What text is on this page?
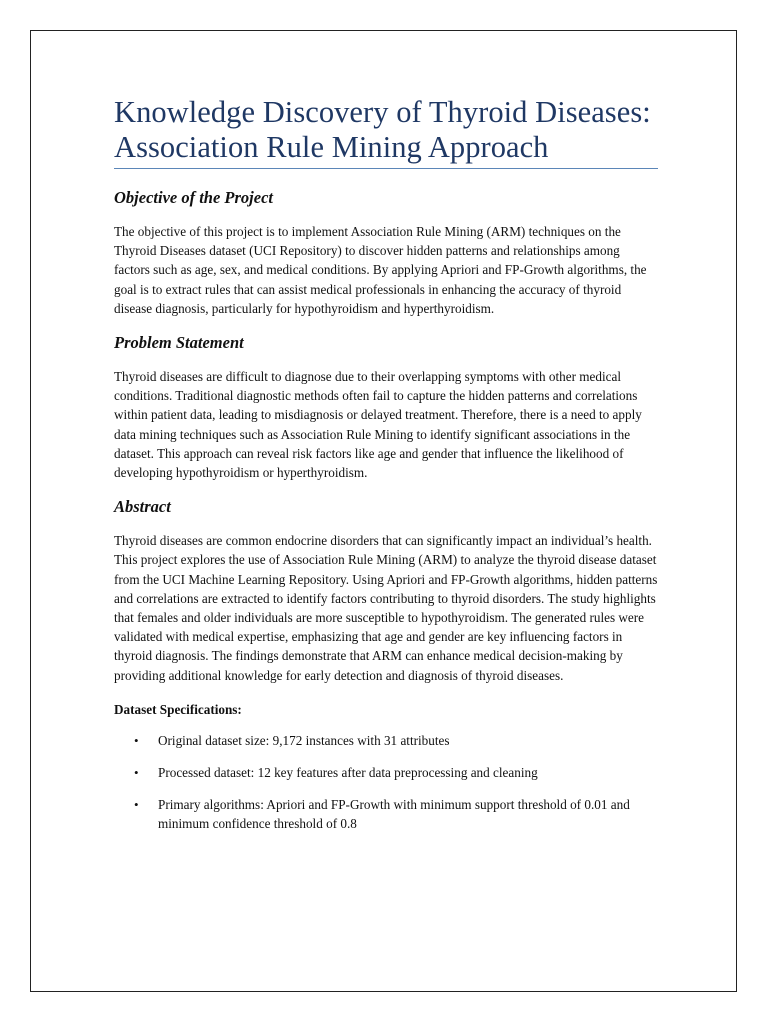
Knowledge Discovery of Thyroid Diseases:
Association Rule Mining Approach
Objective of the Project

The objective of this project is to implement Association Rule Mining (ARM) techniques on the Thyroid Diseases dataset (UCI Repository) to discover hidden patterns and relationships among factors such as age, sex, and medical conditions. By applying Apriori and FP-Growth algorithms, the goal is to extract rules that can assist medical professionals in enhancing the accuracy of thyroid disease diagnosis, particularly for hypothyroidism and hyperthyroidism.

Problem Statement

Thyroid diseases are difficult to diagnose due to their overlapping symptoms with other medical conditions. Traditional diagnostic methods often fail to capture the hidden patterns and correlations within patient data, leading to misdiagnosis or delayed treatment. Therefore, there is a need to apply data mining techniques such as Association Rule Mining to identify significant associations in the dataset. This approach can reveal risk factors like age and gender that influence the likelihood of developing hypothyroidism or hyperthyroidism.

Abstract

Thyroid diseases are common endocrine disorders that can significantly impact an individual’s health. This project explores the use of Association Rule Mining (ARM) to analyze the thyroid disease dataset from the UCI Machine Learning Repository. Using Apriori and FP-Growth algorithms, hidden patterns and correlations are extracted to identify factors contributing to thyroid disorders. The study highlights that females and older individuals are more susceptible to hypothyroidism. The generated rules were validated with medical expertise, emphasizing that age and gender are key influencing factors in thyroid diagnosis. The findings demonstrate that ARM can enhance medical decision-making by providing additional knowledge for early detection and diagnosis of thyroid diseases.

Dataset Specifications:

• Original dataset size: 9,172 instances with 31 attributes
• Processed dataset: 12 key features after data preprocessing and cleaning
• Primary algorithms: Apriori and FP-Growth with minimum support threshold of 0.01 and minimum confidence threshold of 0.8
